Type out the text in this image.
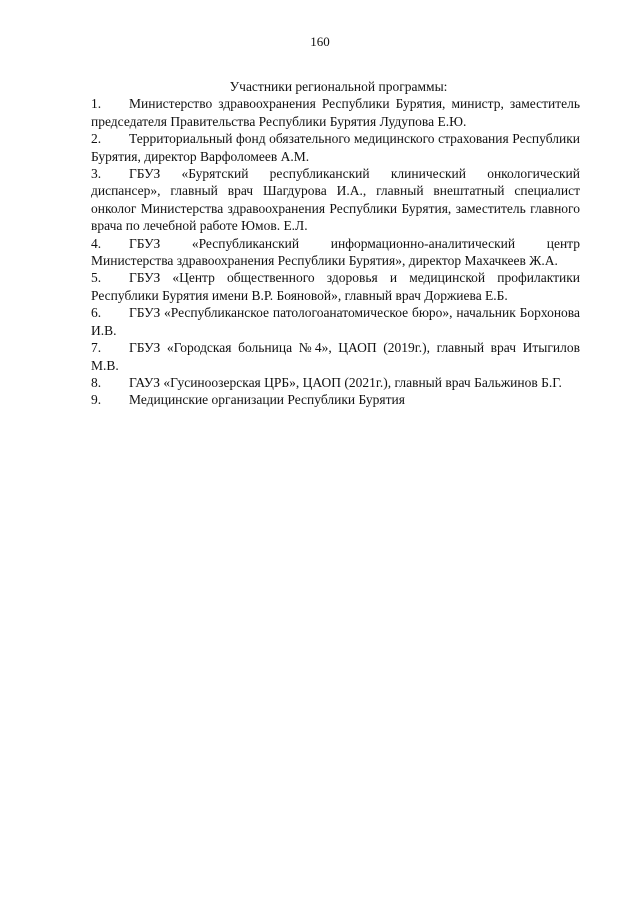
160

Участники региональной программы:

1. Министерство здравоохранения Республики Бурятия, министр, заместитель председателя Правительства Республики Бурятия Лудупова Е.Ю.

2. Территориальный фонд обязательного медицинского страхования Республики Бурятия, директор Варфоломеев А.М.

3. ГБУЗ «Бурятский республиканский клинический онкологический диспансер», главный врач Шагдурова И.А., главный внештатный специалист онколог Министерства здравоохранения Республики Бурятия, заместитель главного врача по лечебной работе Юмов. Е.Л.

4. ГБУЗ «Республиканский информационно-аналитический центр Министерства здравоохранения Республики Бурятия», директор Махачкеев Ж.А.

5. ГБУЗ «Центр общественного здоровья и медицинской профилактики Республики Бурятия имени В.Р. Бояновой», главный врач Доржиева Е.Б.

6. ГБУЗ «Республиканское патологоанатомическое бюро», начальник Борхонова И.В.

7. ГБУЗ «Городская больница №4», ЦАОП (2019г.), главный врач Итыгилов М.В.

8. ГАУЗ «Гусиноозерская ЦРБ», ЦАОП (2021г.), главный врач Бальжинов Б.Г.

9. Медицинские организации Республики Бурятия
